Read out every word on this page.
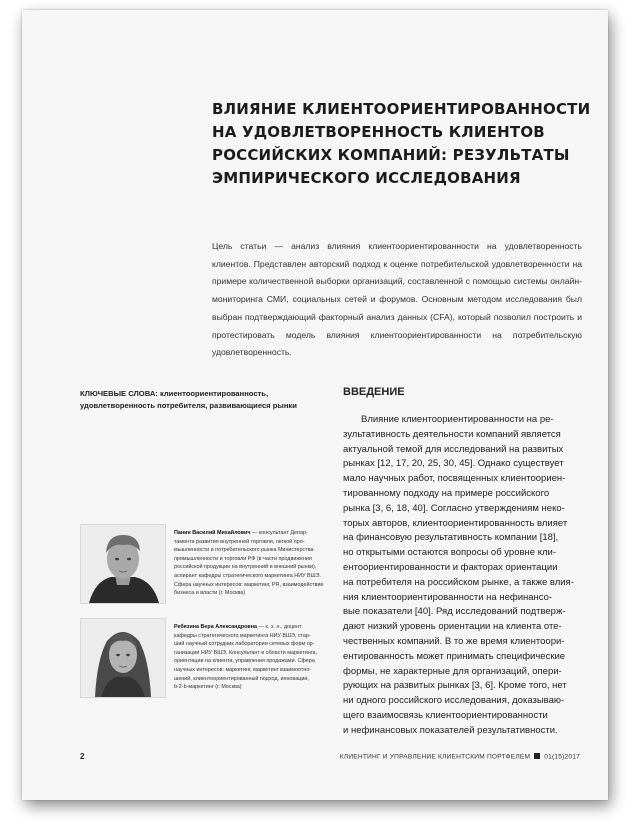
ВЛИЯНИЕ КЛИЕНТООРИЕНТИРОВАННОСТИ
НА УДОВЛЕТВОРЕННОСТЬ КЛИЕНТОВ
РОССИЙСКИХ КОМПАНИЙ: РЕЗУЛЬТАТЫ
ЭМПИРИЧЕСКОГО ИССЛЕДОВАНИЯ

Цель статьи — анализ влияния клиентоориентированности на удовлетворенность клиентов. Представлен авторский подход к оценке потребительской удовлетворенности на примере количественной выборки организаций, составленной с помощью системы онлайн-мониторинга СМИ, социальных сетей и форумов. Основным методом исследования был выбран подтверждающий факторный анализ данных (CFA), который позволил построить и протестировать модель влияния клиентоориентированности на потребительскую удовлетворенность.

КЛЮЧЕВЫЕ СЛОВА: клиентоориентированность, удовлетворенность потребителя, развивающиеся рынки

ВВЕДЕНИЕ
Влияние клиентоориентированности на ре-
зультативность деятельности компаний является
актуальной темой для исследований на развитых
рынках [12, 17, 20, 25, 30, 45]. Однако существует
мало научных работ, посвященных клиентоориен-
тированному подходу на примере российского
рынка [3, 6, 18, 40]. Согласно утверждениям неко-
торых авторов, клиентоориентированность влияет
на финансовую результативность компании [18],
но открытыми остаются вопросы об уровне кли-
ентоориентированности и факторах ориентации
на потребителя на российском рынке, а также влия-
ния клиентоориентированности на нефинансо-
вые показатели [40]. Ряд исследований подтверж-
дают низкий уровень ориентации на клиента оте-
чественных компаний. В то же время клиентоори-
ентированность может принимать специфические
формы, не характерные для организаций, опери-
рующих на развитых рынках [3, 6]. Кроме того, нет
ни одного российского исследования, доказываю-
щего взаимосвязь клиентоориентированности
и нефинансовых показателей результативности.

Панин Василий Михайлович — консультант Депар-
тамента развития внутренней торговли, легкой про-
мышленности и потребительского рынка Министерства
промышленности и торговли РФ (в части продвижения
российской продукции на внутренний и внешний рынки),
аспирант кафедры стратегического маркетинга НИУ ВШЭ.
Сфера научных интересов: маркетинг, PR, взаимодействие
бизнеса и власти (г. Москва)

Ребязина Вера Александровна — к. э. н., доцент
кафедры стратегического маркетинга НИУ ВШЭ, стар-
ший научный сотрудник лаборатории сетевых форм ор-
ганизации НИУ ВШЭ. Консультант в области маркетинга,
ориентации на клиента, управления продажами. Сфера
научных интересов: маркетинг, маркетинг взаимоотно-
шений, клиентоориентированный подход, инновации,
b-2-b-маркетинг (г. Москва)

2	КЛИЕНТИНГ И УПРАВЛЕНИЕ КЛИЕНТСКИМ ПОРТФЕЛЕМ 01(15)2017
